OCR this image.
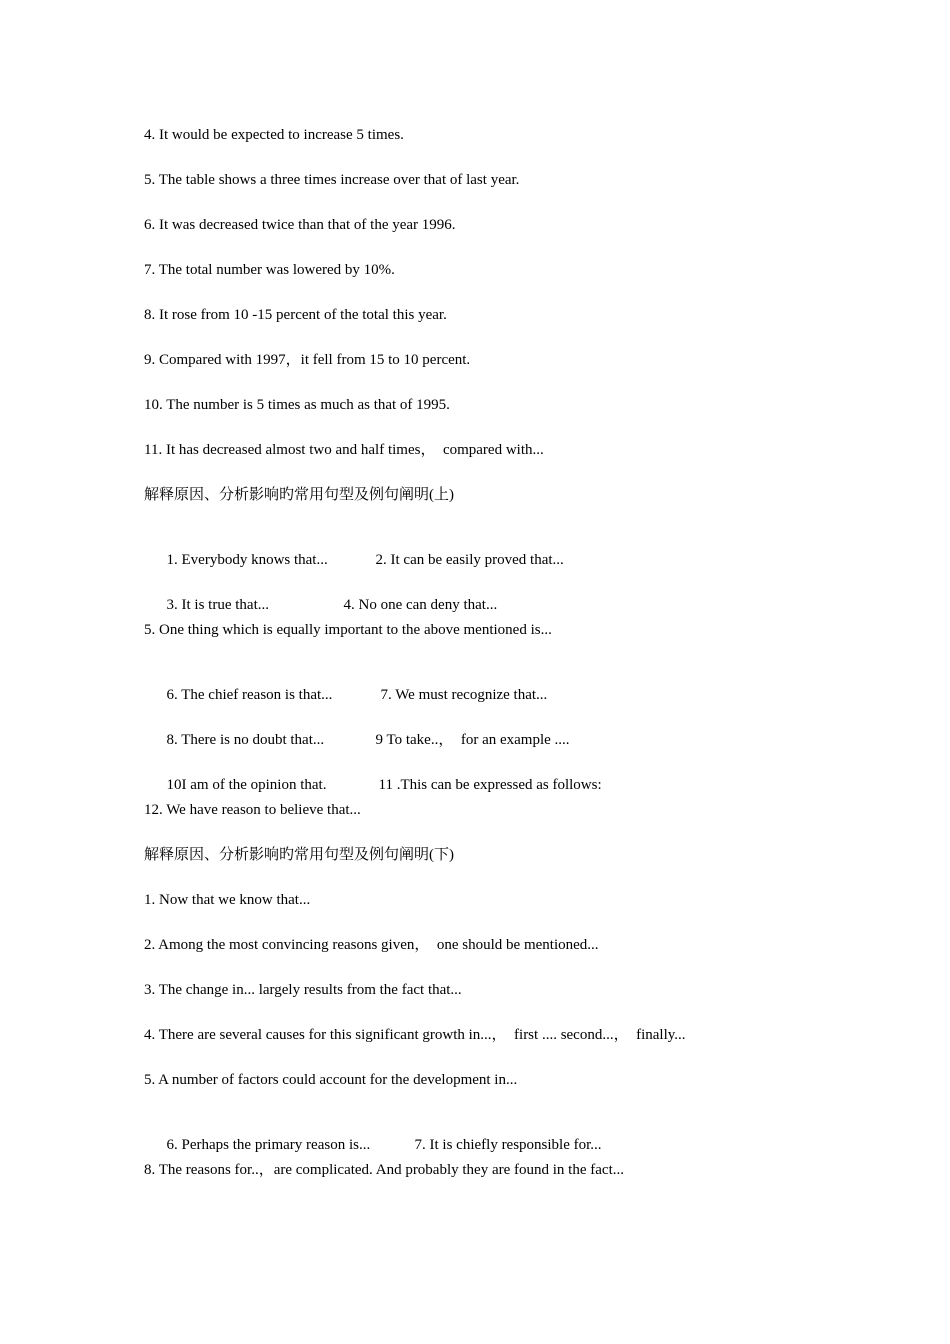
4. It would be expected to increase 5 times.
5. The table shows a three times increase over that of last year.
6. It was decreased twice than that of the year 1996.
7. The total number was lowered by 10%.
8. It rose from 10 -15 percent of the total this year.
9. Compared with 1997，it fell from 15 to 10 percent.
10. The number is 5 times as much as that of 1995.
11. It has decreased almost two and half times，  compared with...
解释原因、分析影响旳常用句型及例句阐明(上)

1. Everybody knows that...	2. It can be easily proved that...

3. It is true that...	4. No one can deny that...

5. One thing which is equally important to the above mentioned is...

6. The chief reason is that...	7. We must recognize that...

8. There is no doubt that...	9 To take..，  for an example ....

10I am of the opinion that.	11 .This can be expressed as follows:

12. We have reason to believe that...
解释原因、分析影响旳常用句型及例句阐明(下)
1. Now that we know that...
2. Among the most convincing reasons given，  one should be mentioned...
3. The change in... largely results from the fact that...
4. There are several causes for this significant growth in...，  first .... second...，  finally...
5. A number of factors could account for the development in...

6. Perhaps the primary reason is...	7. It is chiefly responsible for...

8. The reasons for..，are complicated. And probably they are found in the fact...
